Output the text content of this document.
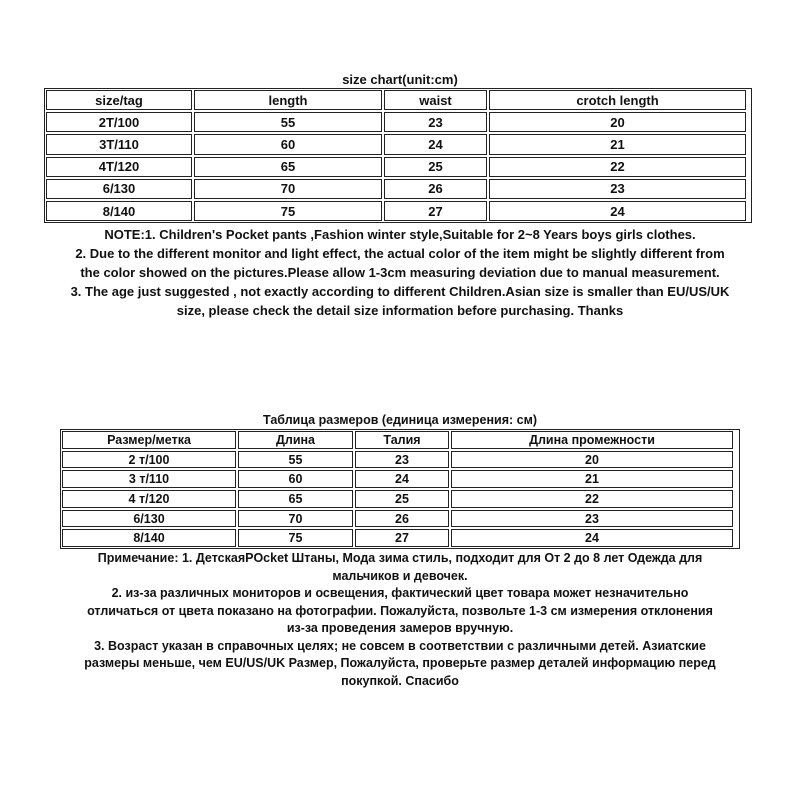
size chart(unit:cm)
size/tag	length	waist	crotch length
2T/100	55	23	20
3T/110	60	24	21
4T/120	65	25	22
6/130	70	26	23
8/140	75	27	24

NOTE:1. Children's Pocket pants ,Fashion winter style,Suitable for 2~8 Years boys girls clothes.

2. Due to the different monitor and light effect, the actual color of the item might be slightly different from

the color showed on the pictures.Please allow 1-3cm measuring deviation due to manual measurement.

3. The age just suggested , not exactly according to different Children.Asian size is smaller than EU/US/UK

size, please check the detail size information before purchasing. Thanks

Таблица размеров (единица измерения: см)
Размер/метка	Длина	Талия	Длина промежности
2 т/100	55	23	20
3 т/110	60	24	21
4 т/120	65	25	22
6/130	70	26	23
8/140	75	27	24

Примечание: 1. ДетскаяPOcket Штаны, Мода зима стиль, подходит для От 2 до 8 лет Одежда для

мальчиков и девочек.

2. из-за различных мониторов и освещения, фактический цвет товара может незначительно

отличаться от цвета показано на фотографии. Пожалуйста, позвольте 1-3 см измерения отклонения

из-за проведения замеров вручную.

3. Возраст указан в справочных целях; не совсем в соответствии с различными детей. Азиатские

размеры меньше, чем EU/US/UK Размер, Пожалуйста, проверьте размер деталей информацию перед

покупкой. Спасибо
